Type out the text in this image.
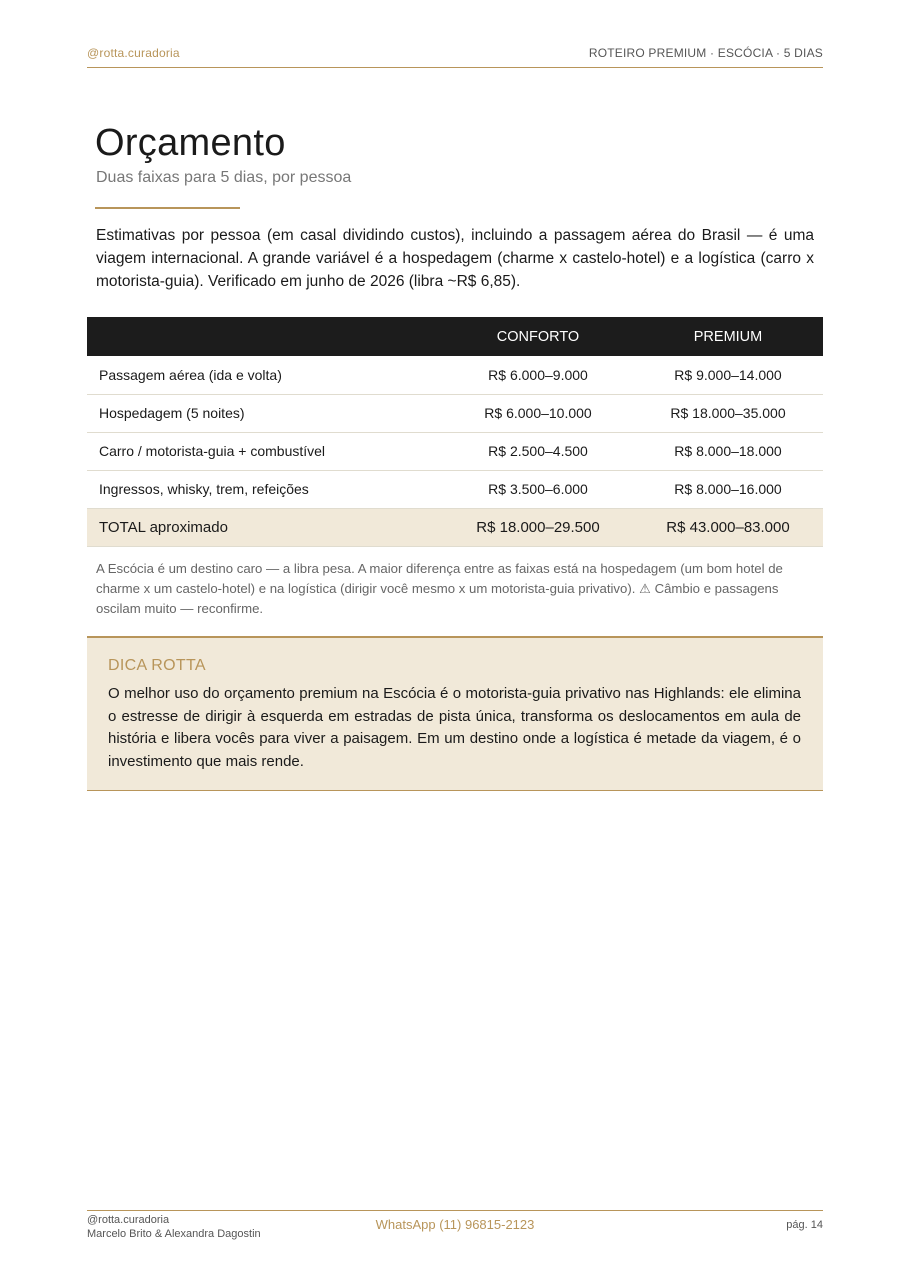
@rotta.curadoria	ROTEIRO PREMIUM · ESCÓCIA · 5 DIAS
Orçamento
Duas faixas para 5 dias, por pessoa

Estimativas por pessoa (em casal dividindo custos), incluindo a passagem aérea do Brasil — é uma viagem internacional. A grande variável é a hospedagem (charme x castelo-hotel) e a logística (carro x motorista-guia). Verificado em junho de 2026 (libra ~R$ 6,85).

	CONFORTO	PREMIUM
Passagem aérea (ida e volta)	R$ 6.000–9.000	R$ 9.000–14.000
Hospedagem (5 noites)	R$ 6.000–10.000	R$ 18.000–35.000
Carro / motorista-guia + combustível	R$ 2.500–4.500	R$ 8.000–18.000
Ingressos, whisky, trem, refeições	R$ 3.500–6.000	R$ 8.000–16.000
TOTAL aproximado	R$ 18.000–29.500	R$ 43.000–83.000

A Escócia é um destino caro — a libra pesa. A maior diferença entre as faixas está na hospedagem (um bom hotel de charme x um castelo-hotel) e na logística (dirigir você mesmo x um motorista-guia privativo). ⚠ Câmbio e passagens oscilam muito — reconfirme.

DICA ROTTA

O melhor uso do orçamento premium na Escócia é o motorista-guia privativo nas Highlands: ele elimina o estresse de dirigir à esquerda em estradas de pista única, transforma os deslocamentos em aula de história e libera vocês para viver a paisagem. Em um destino onde a logística é metade da viagem, é o investimento que mais rende.

@rotta.curadoria
Marcelo Brito & Alexandra Dagostin
WhatsApp (11) 96815-2123	pág. 14
